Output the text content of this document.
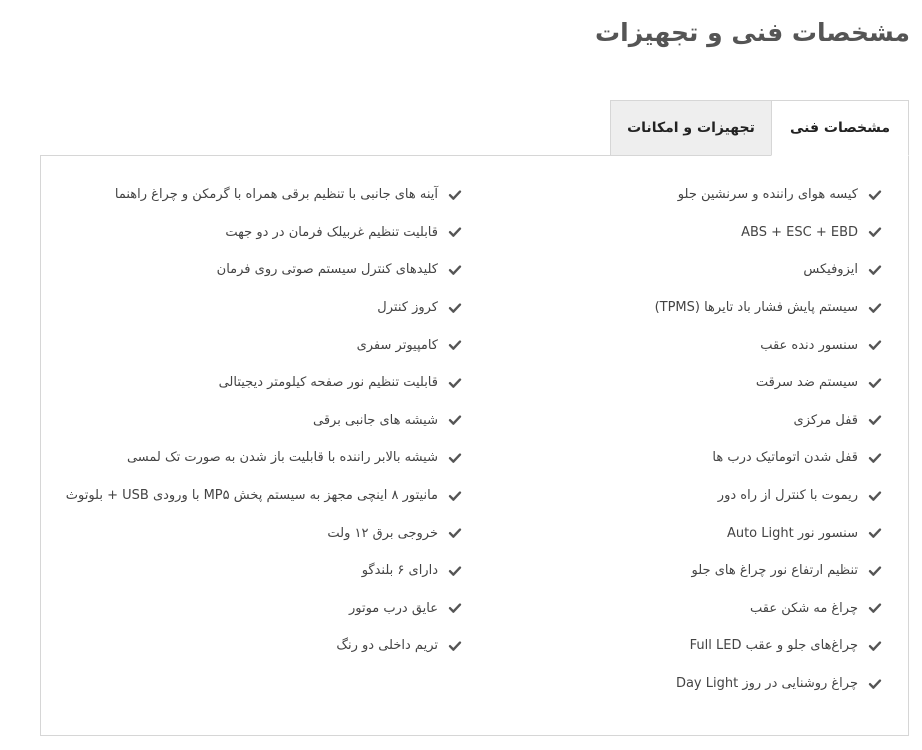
مشخصات فنی و تجهیزات
مشخصات فنی
تجهیزات و امکانات
کیسه هوای راننده و سرنشین جلو
ABS + ESC + EBD
ایزوفیکس
سیستم پایش فشار باد تایرها (TPMS)
سنسور دنده عقب
سیستم ضد سرقت
قفل مرکزی
قفل شدن اتوماتیک درب ها
ریموت با کنترل از راه دور
سنسور نور Auto Light
تنظیم ارتفاع نور چراغ های جلو
چراغ مه شکن عقب
چراغ‌های جلو و عقب Full LED
چراغ روشنایی در روز Day Light
آینه های جانبی با تنظیم برقی همراه با گرمکن و چراغ راهنما
قابلیت تنظیم غربیلک فرمان در دو جهت
کلیدهای کنترل سیستم صوتی روی فرمان
کروز کنترل
کامپیوتر سفری
قابلیت تنظیم نور صفحه کیلومتر دیجیتالی
شیشه های جانبی برقی
شیشه بالابر راننده با قابلیت باز شدن به صورت تک لمسی
مانیتور ۸ اینچی مجهز به سیستم پخش MP۵ با ورودی USB + بلوتوث
خروجی برق ۱۲ ولت
دارای ۶ بلندگو
عایق درب موتور
تریم داخلی دو رنگ
